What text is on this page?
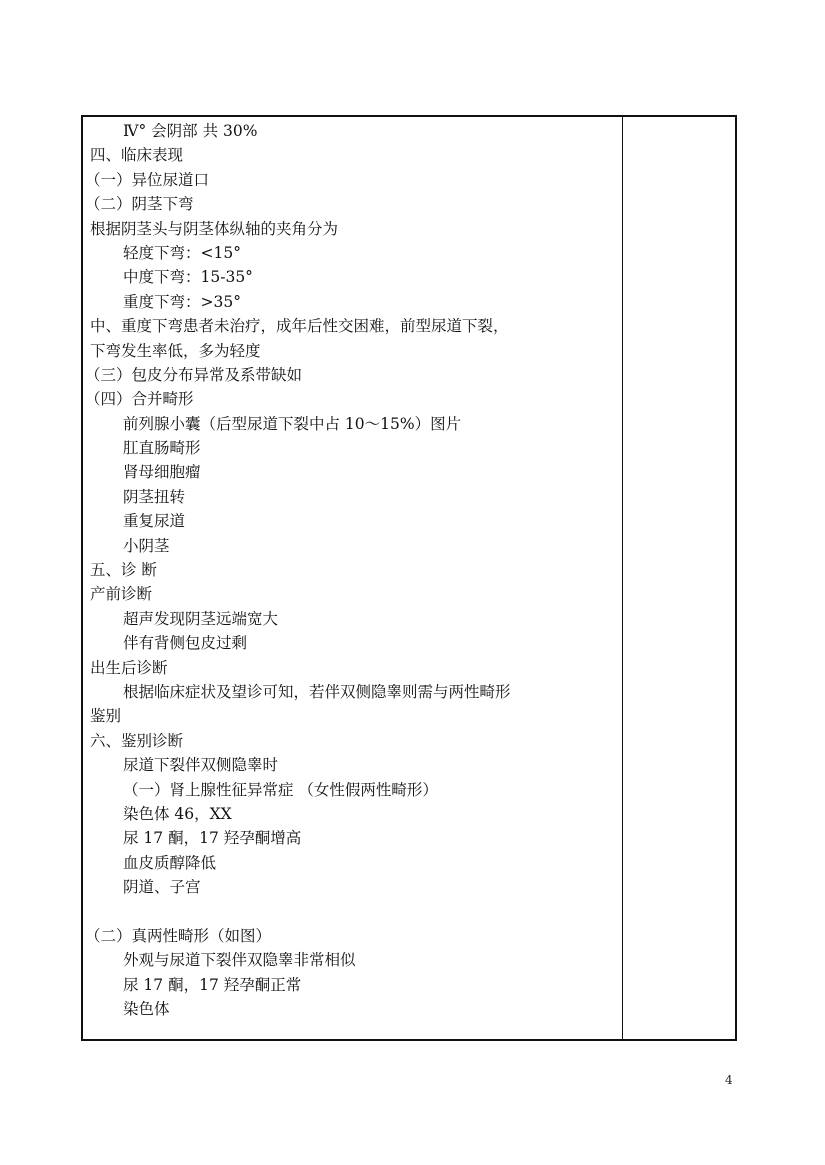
Ⅳ° 会阴部 共 30%
四、临床表现
（一）异位尿道口
（二）阴茎下弯
根据阴茎头与阴茎体纵轴的夹角分为
轻度下弯：<15°
中度下弯：15-35°
重度下弯：>35°
中、重度下弯患者未治疗，成年后性交困难，前型尿道下裂，
下弯发生率低，多为轻度
（三）包皮分布异常及系带缺如
（四）合并畸形
前列腺小囊（后型尿道下裂中占 10～15%）图片
肛直肠畸形
肾母细胞瘤
阴茎扭转
重复尿道
小阴茎
五、诊 断
产前诊断
超声发现阴茎远端宽大
伴有背侧包皮过剩
出生后诊断
根据临床症状及望诊可知，若伴双侧隐睾则需与两性畸形
鉴别
六、鉴别诊断
尿道下裂伴双侧隐睾时
（一）肾上腺性征异常症 （女性假两性畸形）
染色体 46，XX
尿 17 酮，17 羟孕酮增高
血皮质醇降低
阴道、子宫
（二）真两性畸形（如图）
外观与尿道下裂伴双隐睾非常相似
尿 17 酮，17 羟孕酮正常
染色体
4
